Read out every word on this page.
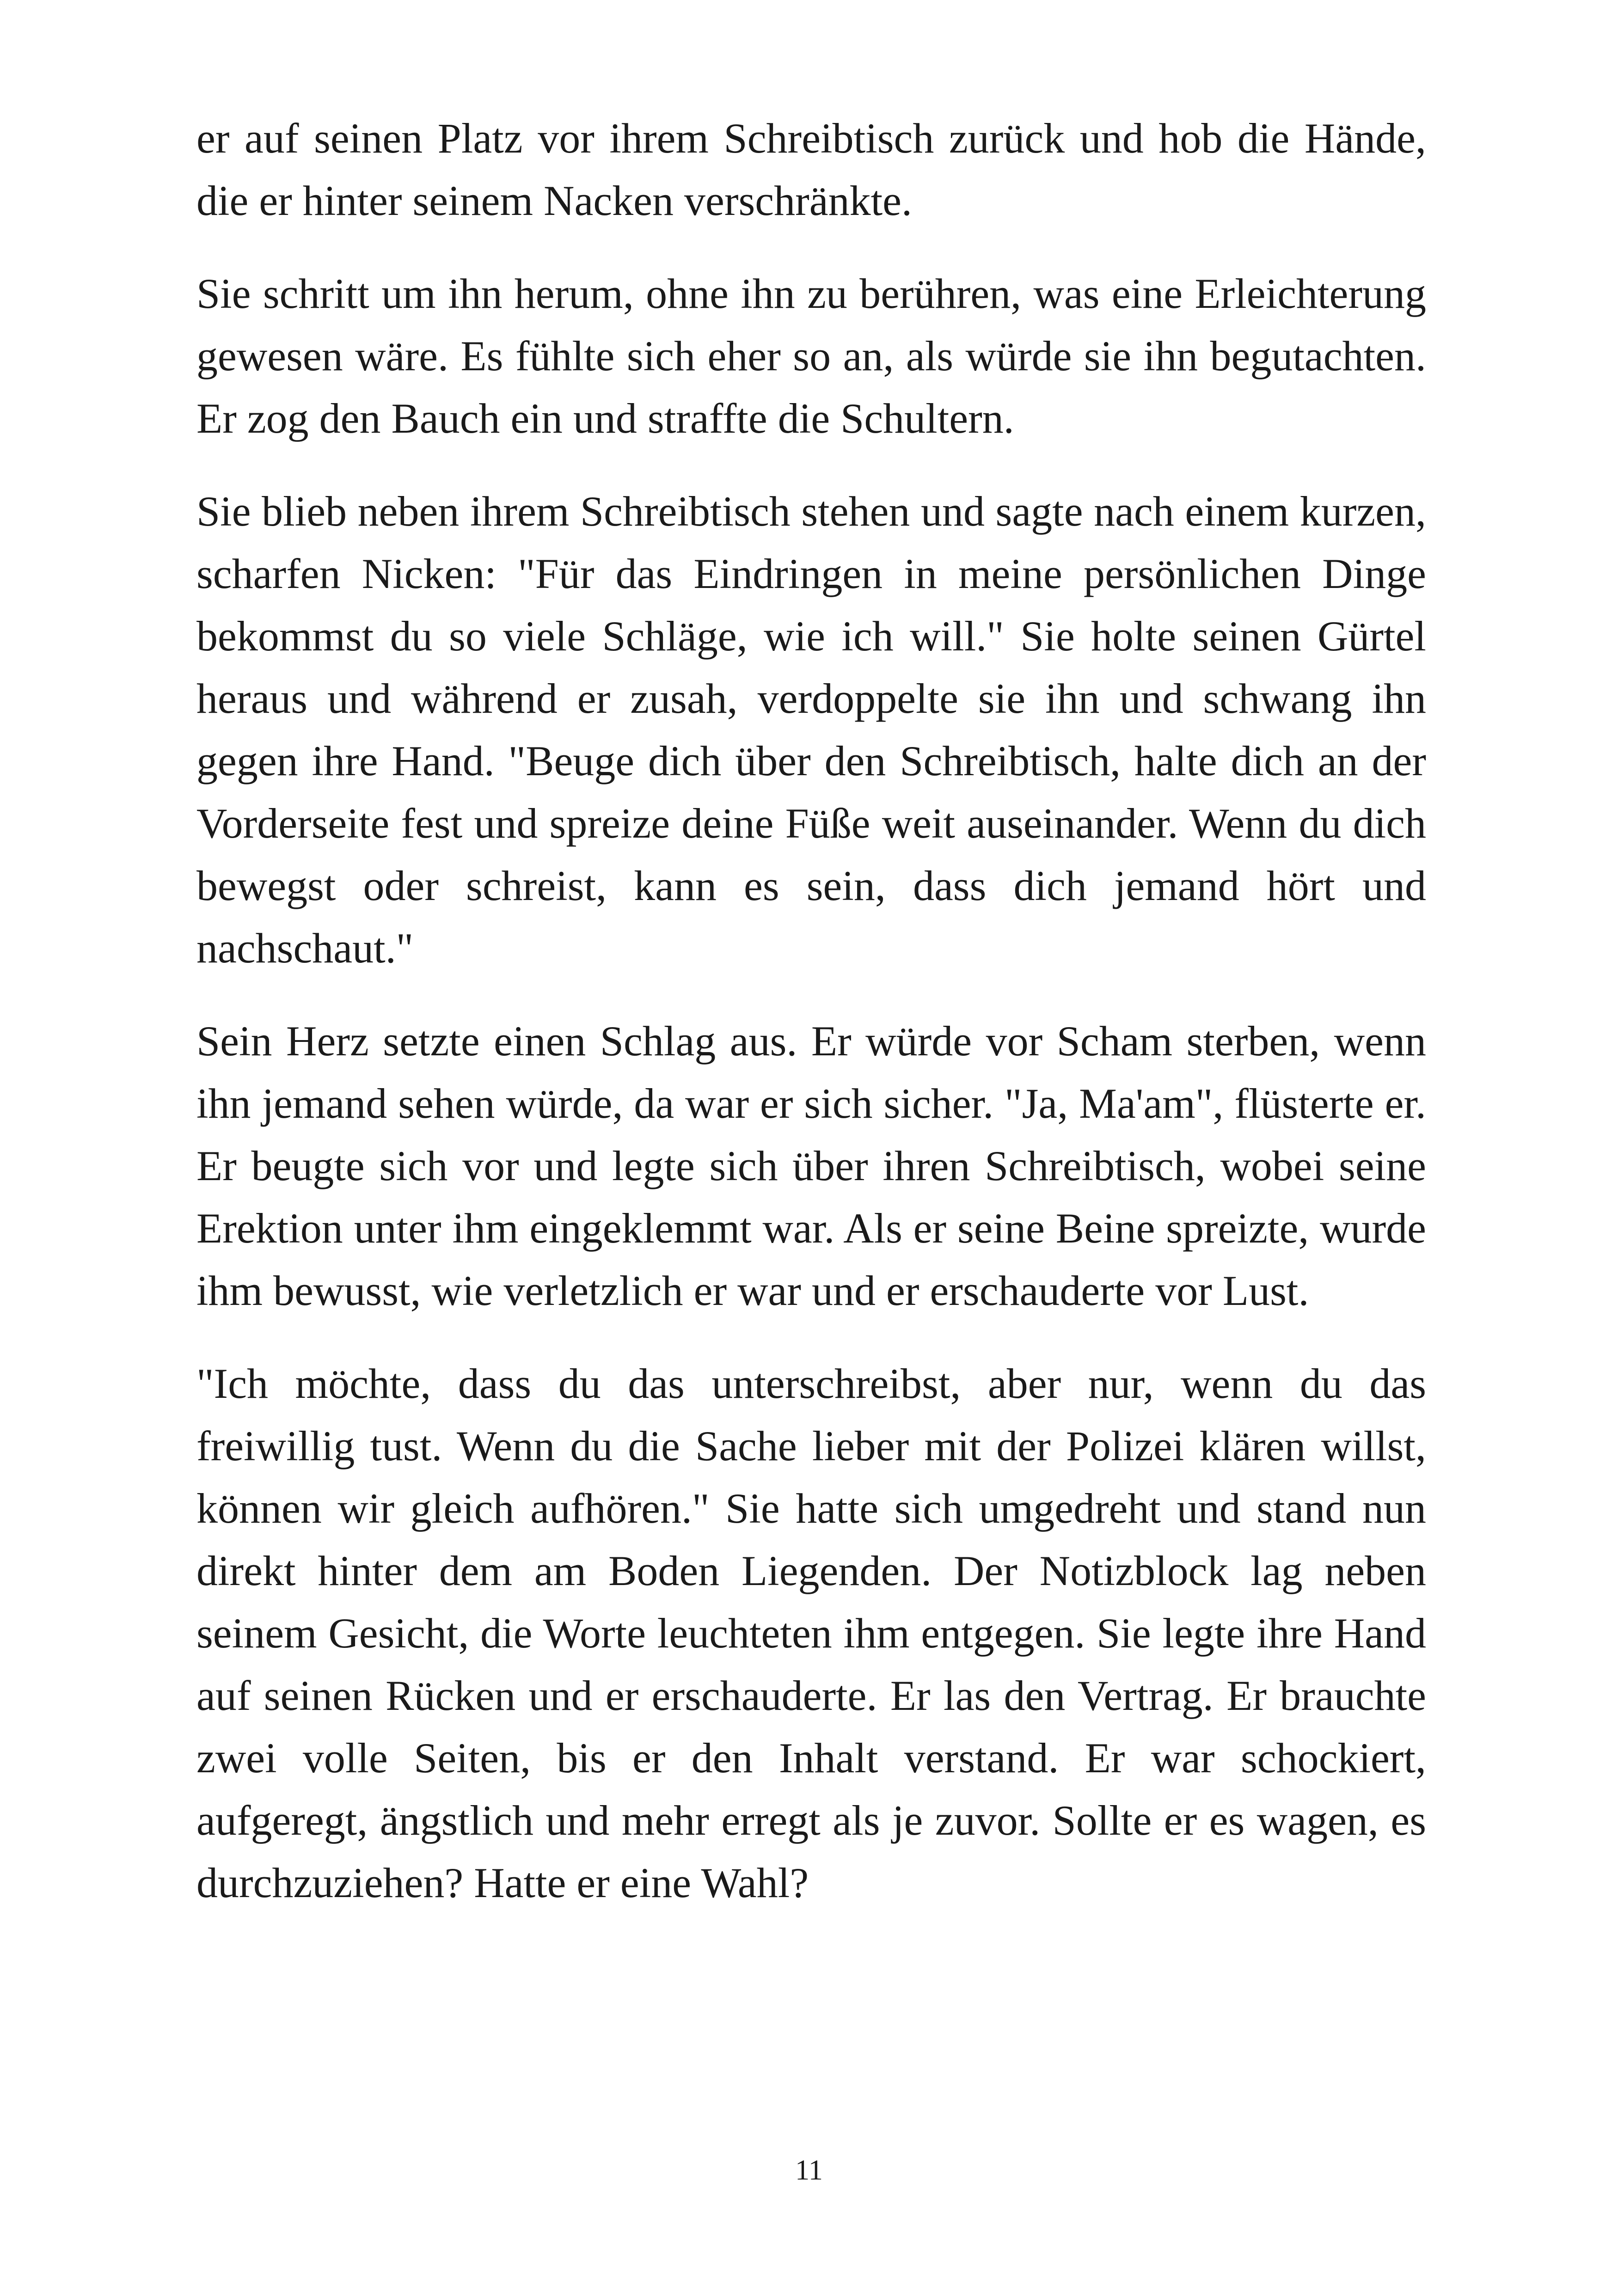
er auf seinen Platz vor ihrem Schreibtisch zurück und hob die Hände, die er hinter seinem Nacken verschränkte.

Sie schritt um ihn herum, ohne ihn zu berühren, was eine Erleichterung gewesen wäre. Es fühlte sich eher so an, als würde sie ihn begutachten. Er zog den Bauch ein und straffte die Schultern.

Sie blieb neben ihrem Schreibtisch stehen und sagte nach einem kurzen, scharfen Nicken: "Für das Eindringen in meine persönlichen Dinge bekommst du so viele Schläge, wie ich will." Sie holte seinen Gürtel heraus und während er zusah, verdoppelte sie ihn und schwang ihn gegen ihre Hand. "Beuge dich über den Schreibtisch, halte dich an der Vorderseite fest und spreize deine Füße weit auseinander. Wenn du dich bewegst oder schreist, kann es sein, dass dich jemand hört und nachschaut."

Sein Herz setzte einen Schlag aus. Er würde vor Scham sterben, wenn ihn jemand sehen würde, da war er sich sicher. "Ja, Ma'am", flüsterte er. Er beugte sich vor und legte sich über ihren Schreibtisch, wobei seine Erektion unter ihm eingeklemmt war. Als er seine Beine spreizte, wurde ihm bewusst, wie verletzlich er war und er erschauderte vor Lust.

"Ich möchte, dass du das unterschreibst, aber nur, wenn du das freiwillig tust. Wenn du die Sache lieber mit der Polizei klären willst, können wir gleich aufhören." Sie hatte sich umgedreht und stand nun direkt hinter dem am Boden Liegenden. Der Notizblock lag neben seinem Gesicht, die Worte leuchteten ihm entgegen. Sie legte ihre Hand auf seinen Rücken und er erschauderte. Er las den Vertrag. Er brauchte zwei volle Seiten, bis er den Inhalt verstand. Er war schockiert, aufgeregt, ängstlich und mehr erregt als je zuvor. Sollte er es wagen, es durchzuziehen? Hatte er eine Wahl?

11
